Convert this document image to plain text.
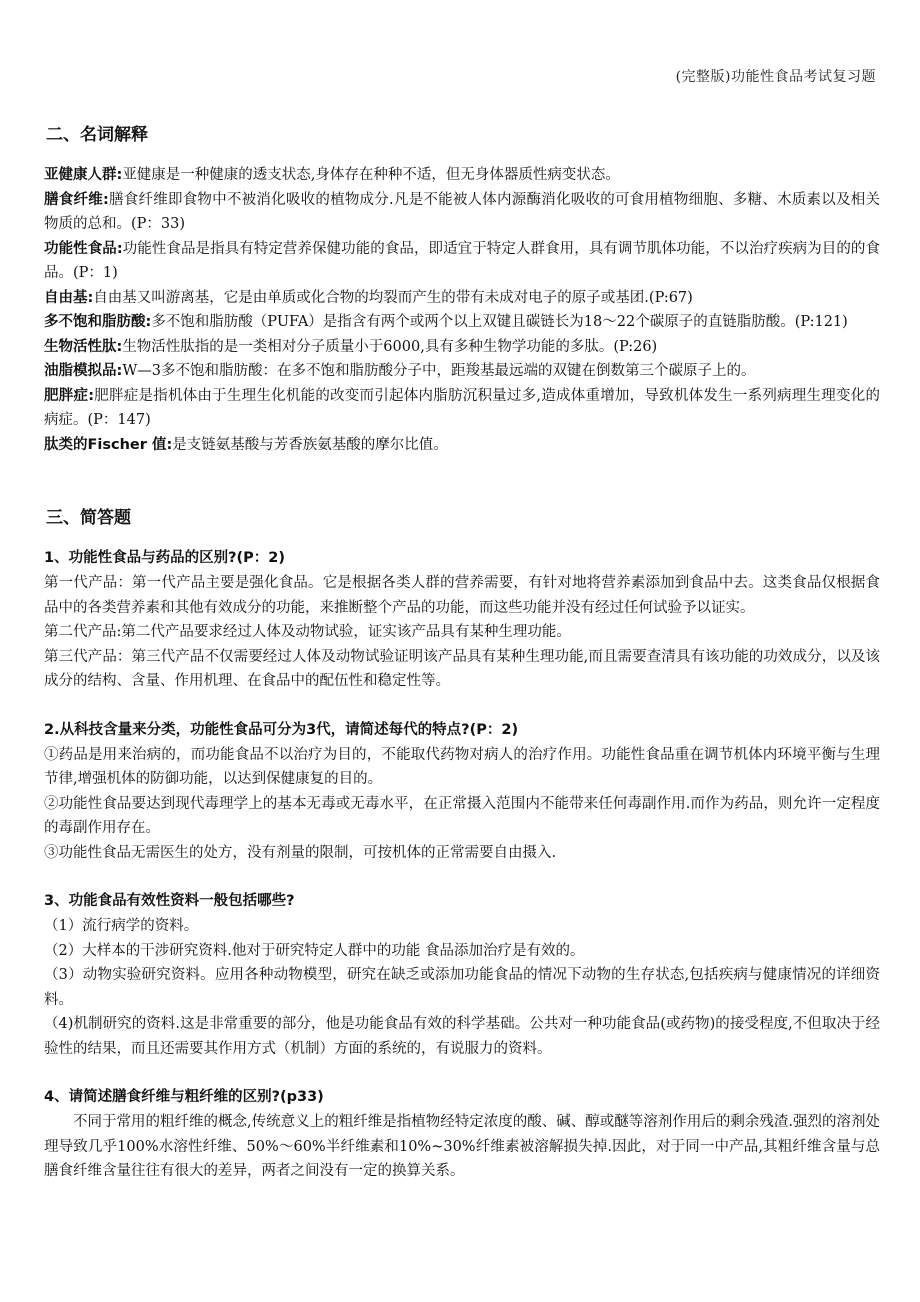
(完整版)功能性食品考试复习题
二、名词解释

亚健康人群:亚健康是一种健康的透支状态,身体存在种种不适，但无身体器质性病变状态。

膳食纤维:膳食纤维即食物中不被消化吸收的植物成分.凡是不能被人体内源酶消化吸收的可食用植物细胞、多糖、木质素以及相关物质的总和。(P：33)

功能性食品:功能性食品是指具有特定营养保健功能的食品，即适宜于特定人群食用，具有调节肌体功能，不以治疗疾病为目的的食品。(P：1)

自由基:自由基又叫游离基，它是由单质或化合物的均裂而产生的带有未成对电子的原子或基团.(P:67)

多不饱和脂肪酸:多不饱和脂肪酸（PUFA）是指含有两个或两个以上双键且碳链长为18～22个碳原子的直链脂肪酸。(P:121)

生物活性肽:生物活性肽指的是一类相对分子质量小于6000,具有多种生物学功能的多肽。(P:26)

油脂模拟品:W—3多不饱和脂肪酸：在多不饱和脂肪酸分子中，距羧基最远端的双键在倒数第三个碳原子上的。

肥胖症:肥胖症是指机体由于生理生化机能的改变而引起体内脂肪沉积量过多,造成体重增加，导致机体发生一系列病理生理变化的病症。(P：147)

肽类的Fischer 值:是支链氨基酸与芳香族氨基酸的摩尔比值。

三、简答题

1、功能性食品与药品的区别?(P：2)

第一代产品：第一代产品主要是强化食品。它是根据各类人群的营养需要，有针对地将营养素添加到食品中去。这类食品仅根据食品中的各类营养素和其他有效成分的功能，来推断整个产品的功能，而这些功能并没有经过任何试验予以证实。

第二代产品:第二代产品要求经过人体及动物试验，证实该产品具有某种生理功能。

第三代产品：第三代产品不仅需要经过人体及动物试验证明该产品具有某种生理功能,而且需要查清具有该功能的功效成分，以及该成分的结构、含量、作用机理、在食品中的配伍性和稳定性等。

2.从科技含量来分类，功能性食品可分为3代，请简述每代的特点?(P：2)

①药品是用来治病的，而功能食品不以治疗为目的，不能取代药物对病人的治疗作用。功能性食品重在调节机体内环境平衡与生理节律,增强机体的防御功能，以达到保健康复的目的。

②功能性食品要达到现代毒理学上的基本无毒或无毒水平，在正常摄入范围内不能带来任何毒副作用.而作为药品，则允许一定程度的毒副作用存在。

③功能性食品无需医生的处方，没有剂量的限制，可按机体的正常需要自由摄入.

3、功能食品有效性资料一般包括哪些?

（1）流行病学的资料。

（2）大样本的干涉研究资料.他对于研究特定人群中的功能 食品添加治疗是有效的。

（3）动物实验研究资料。应用各种动物模型，研究在缺乏或添加功能食品的情况下动物的生存状态,包括疾病与健康情况的详细资料。

（4)机制研究的资料.这是非常重要的部分，他是功能食品有效的科学基础。公共对一种功能食品(或药物)的接受程度,不但取决于经验性的结果，而且还需要其作用方式（机制）方面的系统的，有说服力的资料。

4、请简述膳食纤维与粗纤维的区别?(p33)

不同于常用的粗纤维的概念,传统意义上的粗纤维是指植物经特定浓度的酸、碱、醇或醚等溶剂作用后的剩余残渣.强烈的溶剂处理导致几乎100%水溶性纤维、50%～60%半纤维素和10%~30%纤维素被溶解损失掉.因此，对于同一中产品,其粗纤维含量与总膳食纤维含量往往有很大的差异，两者之间没有一定的换算关系。
